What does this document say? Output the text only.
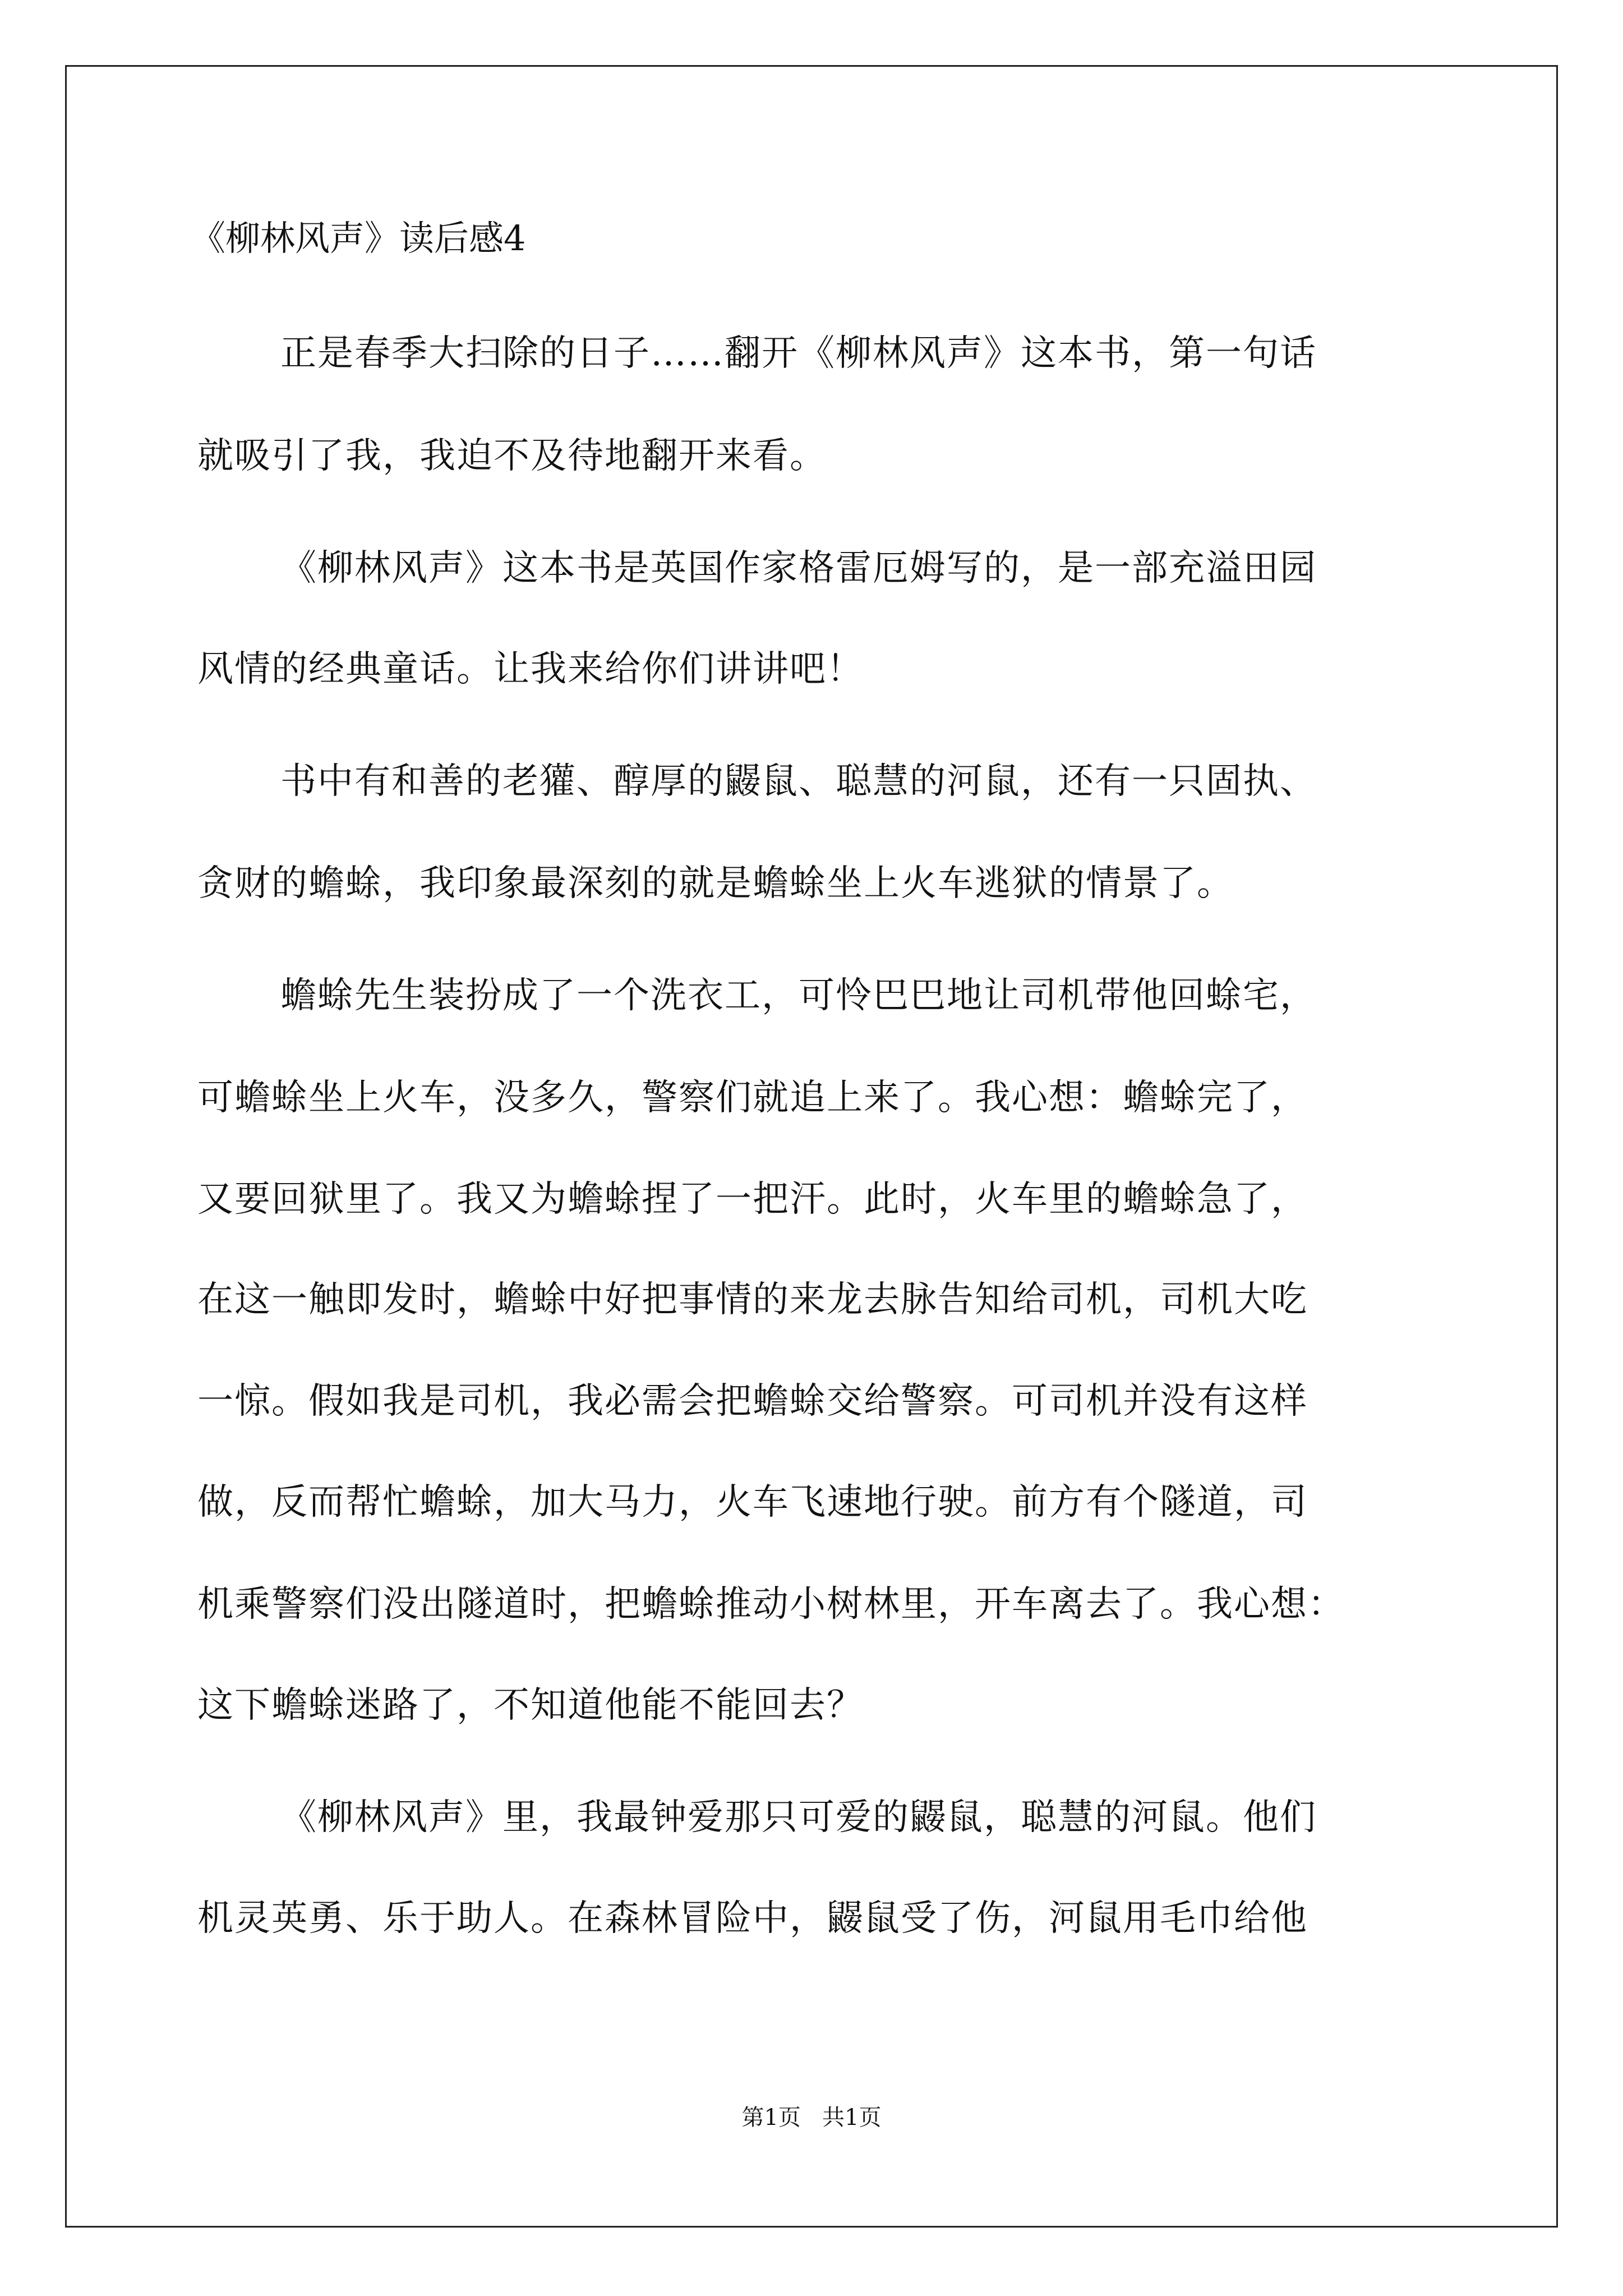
《柳林风声》读后感4
正是春季大扫除的日子……翻开《柳林风声》这本书，第一句话
就吸引了我，我迫不及待地翻开来看。
《柳林风声》这本书是英国作家格雷厄姆写的，是一部充溢田园
风情的经典童话。让我来给你们讲讲吧！
书中有和善的老獾、醇厚的鼹鼠、聪慧的河鼠，还有一只固执、
贪财的蟾蜍，我印象最深刻的就是蟾蜍坐上火车逃狱的情景了。
蟾蜍先生装扮成了一个洗衣工，可怜巴巴地让司机带他回蜍宅，
可蟾蜍坐上火车，没多久，警察们就追上来了。我心想：蟾蜍完了，
又要回狱里了。我又为蟾蜍捏了一把汗。此时，火车里的蟾蜍急了，
在这一触即发时，蟾蜍中好把事情的来龙去脉告知给司机，司机大吃
一惊。假如我是司机，我必需会把蟾蜍交给警察。可司机并没有这样
做，反而帮忙蟾蜍，加大马力，火车飞速地行驶。前方有个隧道，司
机乘警察们没出隧道时，把蟾蜍推动小树林里，开车离去了。我心想：
这下蟾蜍迷路了，不知道他能不能回去？
《柳林风声》里，我最钟爱那只可爱的鼹鼠，聪慧的河鼠。他们
机灵英勇、乐于助人。在森林冒险中，鼹鼠受了伤，河鼠用毛巾给他
第1页   共1页
